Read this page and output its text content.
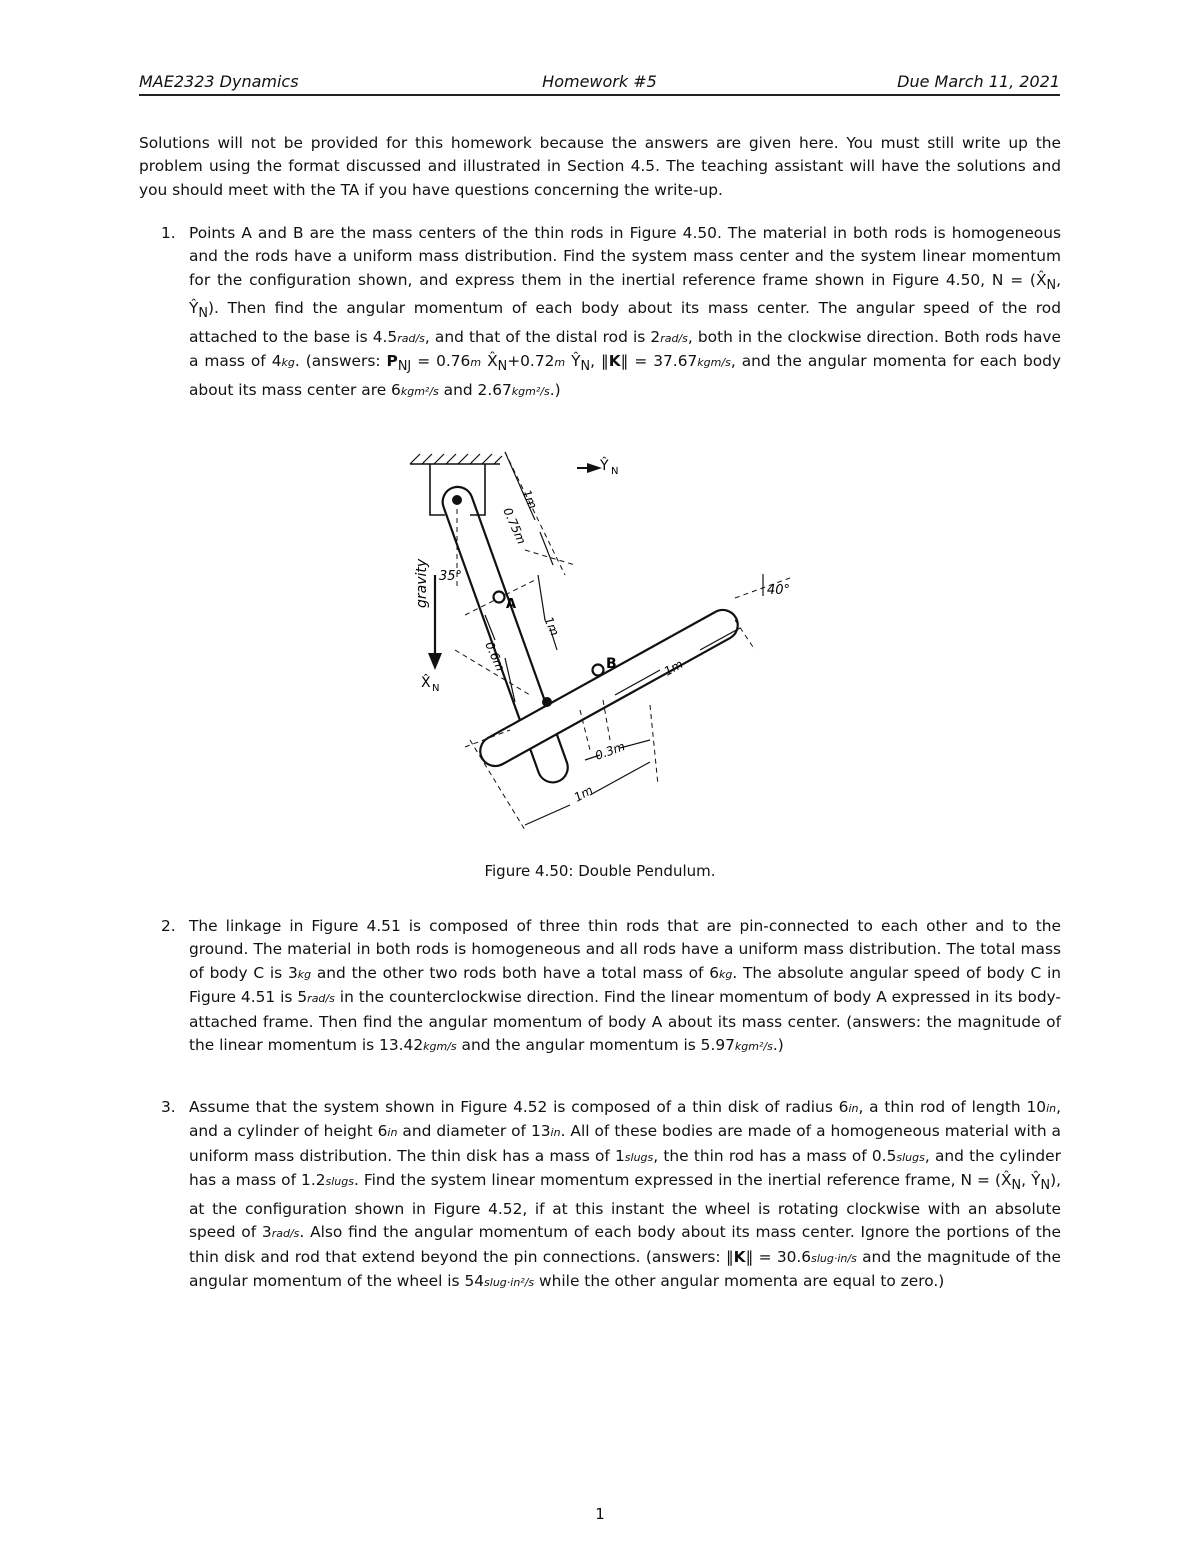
MAE2323 Dynamics	Homework #5	Due March 11, 2021
Solutions will not be provided for this homework because the answers are given here. You must still write up the problem using the format discussed and illustrated in Section 4.5. The teaching assistant will have the solutions and you should meet with the TA if you have questions concerning the write-up.
1. Points A and B are the mass centers of the thin rods in Figure 4.50. The material in both rods is homogeneous and the rods have a uniform mass distribution. Find the system mass center and the system linear momentum for the configuration shown, and express them in the inertial reference frame shown in Figure 4.50, $N = (X̂_N$, $Ŷ_N$). Then find the angular momentum of each body about its mass center. The angular speed of the rod attached to the base is 4.5rad/s, and that of the distal rod is 2rad/s, both in the clockwise direction. Both rods have a mass of 4kg. (answers: $P_{NJ} = 0.76m$ $X̂_N+0.72m$ $Ŷ_N$, ‖K‖ = 37.67kgm/s, and the angular momenta for each body about its mass center are 6kgm²/s and 2.67kgm²/s.)
Ŷ N
X̂ N
gravity 35°
40°
1m
0.75m
1m
0.6m	1m
0.3m
1m
A
B
Figure 4.50: Double Pendulum.
2. The linkage in Figure 4.51 is composed of three thin rods that are pin-connected to each other and to the ground. The material in both rods is homogeneous and all rods have a uniform mass distribution. The total mass of body C is 3kg and the other two rods both have a total mass of 6kg. The absolute angular speed of body C in Figure 4.51 is 5rad/s in the counterclockwise direction. Find the linear momentum of body A expressed in its body-attached frame. Then find the angular momentum of body A about its mass center. (answers: the magnitude of the linear momentum is 13.42kgm/s and the angular momentum is 5.97kgm²/s.)
3. Assume that the system shown in Figure 4.52 is composed of a thin disk of radius 6in, a thin rod of length 10in, and a cylinder of height 6in and diameter of 13in. All of these bodies are made of a homogeneous material with a uniform mass distribution. The thin disk has a mass of 1slugs, the thin rod has a mass of 0.5slugs, and the cylinder has a mass of 1.2slugs. Find the system linear momentum expressed in the inertial reference frame, $N = (X̂_N$, $Ŷ_N$), at the configuration shown in Figure 4.52, if at this instant the wheel is rotating clockwise with an absolute speed of 3rad/s. Also find the angular momentum of each body about its mass center. Ignore the portions of the thin disk and rod that extend beyond the pin connections. (answers: ‖K‖ = 30.6slug·in/s and the magnitude of the angular momentum of the wheel is 54slug·in²/s while the other angular momenta are equal to zero.)
1
